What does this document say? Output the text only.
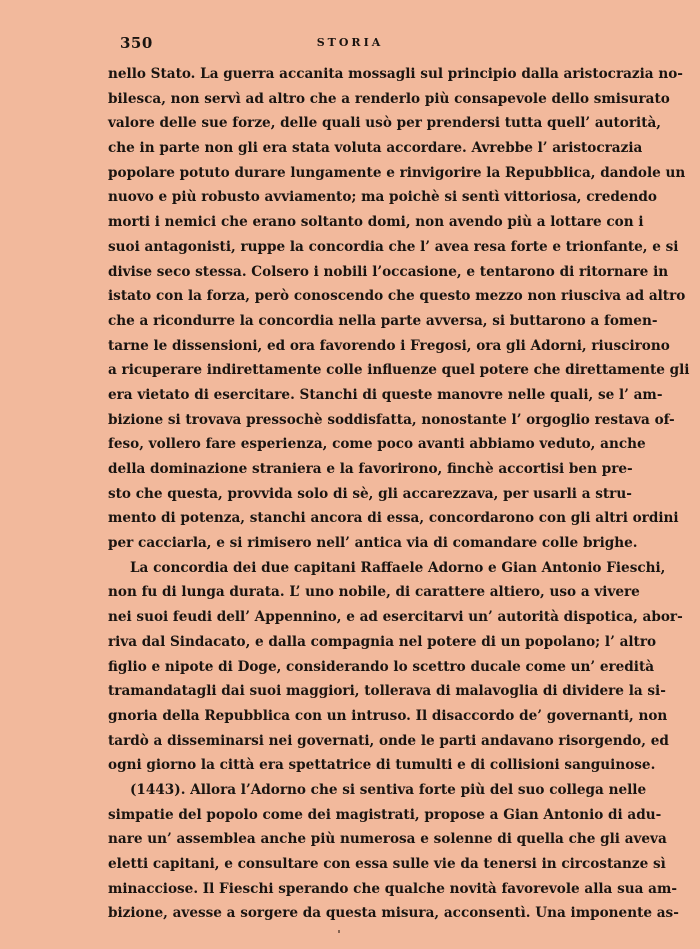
350	STORIA
nello Stato. La guerra accanita mossagli sul principio dalla aristocrazia no-
bilesca, non servì ad altro che a renderlo più consapevole dello smisurato
valore delle sue forze, delle quali usò per prendersi tutta quell’ autorità,
che in parte non gli era stata voluta accordare. Avrebbe l’ aristocrazia
popolare potuto durare lungamente e rinvigorire la Repubblica, dandole un
nuovo e più robusto avviamento; ma poichè si sentì vittoriosa, credendo
morti i nemici che erano soltanto domi, non avendo più a lottare con i
suoi antagonisti, ruppe la concordia che l’ avea resa forte e trionfante, e si
divise seco stessa. Colsero i nobili l’occasione, e tentarono di ritornare in
istato con la forza, però conoscendo che questo mezzo non riusciva ad altro
che a ricondurre la concordia nella parte avversa, si buttarono a fomen-
tarne le dissensioni, ed ora favorendo i Fregosi, ora gli Adorni, riuscirono
a ricuperare indirettamente colle influenze quel potere che direttamente gli
era vietato di esercitare. Stanchi di queste manovre nelle quali, se l’ am-
bizione si trovava pressochè soddisfatta, nonostante l’ orgoglio restava of-
feso, vollero fare esperienza, come poco avanti abbiamo veduto, anche
della dominazione straniera e la favorirono, finchè accortisi ben pre-
sto che questa, provvida solo di sè, gli accarezzava, per usarli a stru-
mento di potenza, stanchi ancora di essa, concordarono con gli altri ordini
per cacciarla, e si rimisero nell’ antica via di comandare colle brighe.
La concordia dei due capitani Raffaele Adorno e Gian Antonio Fieschi,
non fu di lunga durata. L’ uno nobile, di carattere altiero, uso a vivere
nei suoi feudi dell’ Appennino, e ad esercitarvi un’ autorità dispotica, abor-
riva dal Sindacato, e dalla compagnia nel potere di un popolano; l’ altro
figlio e nipote di Doge, considerando lo scettro ducale come un’ eredità
tramandatagli dai suoi maggiori, tollerava di malavoglia di dividere la si-
gnoria della Repubblica con un intruso. Il disaccordo de’ governanti, non
tardò a disseminarsi nei governati, onde le parti andavano risorgendo, ed
ogni giorno la città era spettatrice di tumulti e di collisioni sanguinose.
(1443). Allora l’Adorno che si sentiva forte più del suo collega nelle
simpatie del popolo come dei magistrati, propose a Gian Antonio di adu-
nare un’ assemblea anche più numerosa e solenne di quella che gli aveva
eletti capitani, e consultare con essa sulle vie da tenersi in circostanze sì
minacciose. Il Fieschi sperando che qualche novità favorevole alla sua am-
bizione, avesse a sorgere da questa misura, acconsentì. Una imponente as-
